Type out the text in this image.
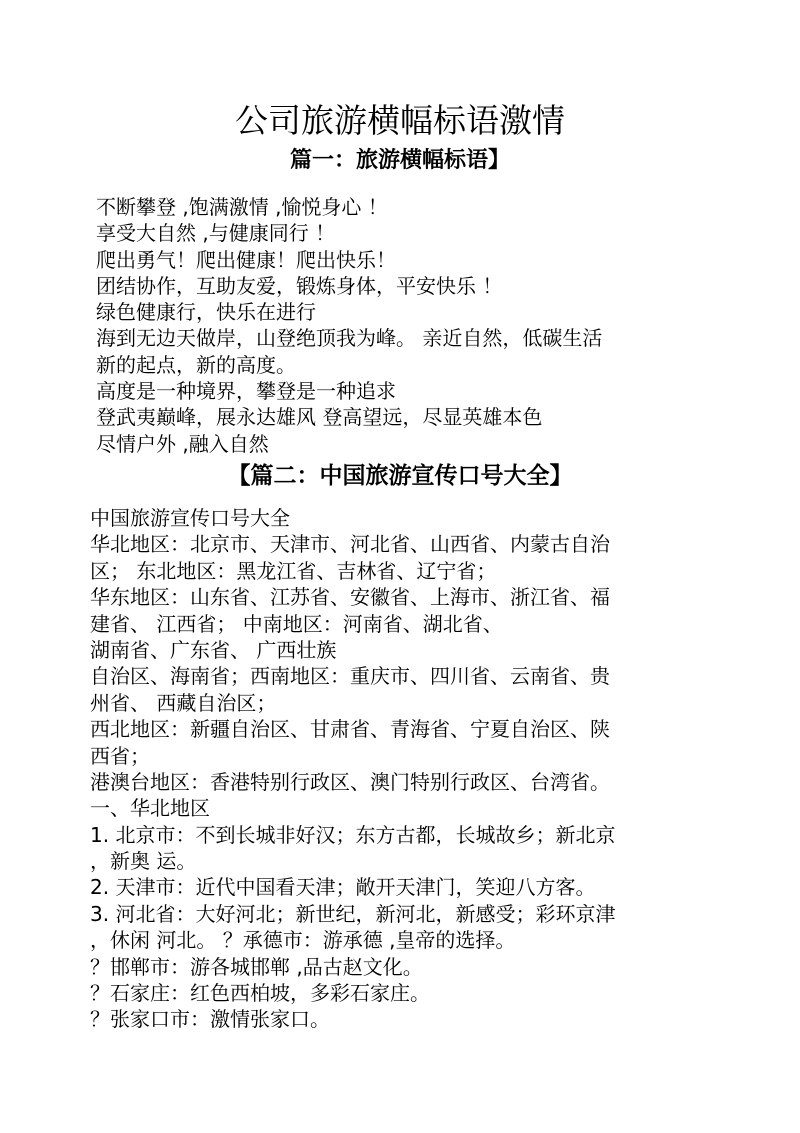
公司旅游横幅标语激情
篇一：旅游横幅标语】
不断攀登 ,饱满激情 ,愉悦身心 ！
享受大自然 ,与健康同行 ！
爬出勇气！爬出健康！爬出快乐！
团结协作，互助友爱，锻炼身体，平安快乐 ！
绿色健康行，快乐在进行
海到无边天做岸，山登绝顶我为峰。 亲近自然，低碳生活
新的起点，新的高度。
高度是一种境界，攀登是一种追求
登武夷巅峰，展永达雄风 登高望远，尽显英雄本色
尽情户外 ,融入自然
【篇二：中国旅游宣传口号大全】
中国旅游宣传口号大全
华北地区：北京市、天津市、河北省、山西省、内蒙古自治
区； 东北地区：黑龙江省、吉林省、辽宁省；
华东地区：山东省、江苏省、安徽省、上海市、浙江省、福
建省、 江西省； 中南地区：河南省、湖北省、
湖南省、广东省、 广西壮族
自治区、海南省；西南地区：重庆市、四川省、云南省、贵
州省、 西藏自治区；
西北地区：新疆自治区、甘肃省、青海省、宁夏自治区、陕
西省；
港澳台地区：香港特别行政区、澳门特别行政区、台湾省。
一、华北地区
1. 北京市：不到长城非好汉；东方古都，长城故乡；新北京
，新奥 运。
2. 天津市：近代中国看天津；敞开天津门，笑迎八方客。
3. 河北省：大好河北；新世纪，新河北，新感受；彩环京津
，休闲 河北。 ？承德市：游承德 ,皇帝的选择。
？邯郸市：游各城邯郸 ,品古赵文化。
？石家庄：红色西柏坡，多彩石家庄。
？张家口市：激情张家口。
